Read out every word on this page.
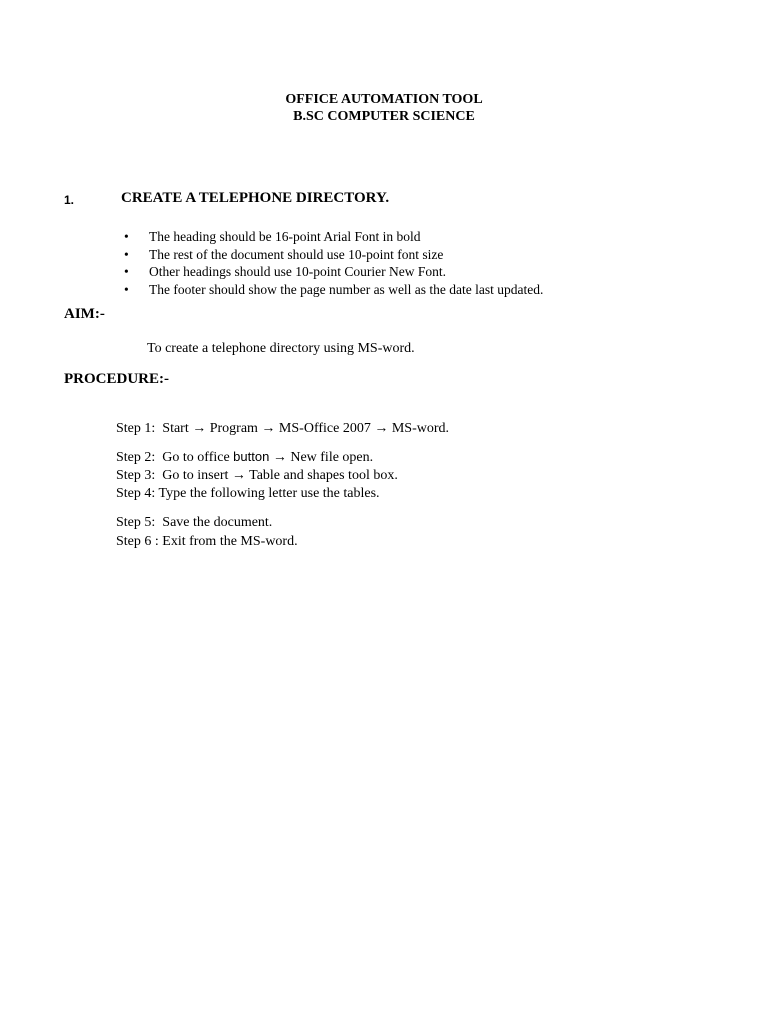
OFFICE AUTOMATION TOOL
B.SC COMPUTER SCIENCE
1.	CREATE A TELEPHONE DIRECTORY.
• The heading should be 16-point Arial Font in bold
• The rest of the document should use 10-point font size
• Other headings should use 10-point Courier New Font.
• The footer should show the page number as well as the date last updated.
AIM:-
To create a telephone directory using MS-word.
PROCEDURE:-
Step 1: Start → Program → MS-Office 2007 → MS-word.
Step 2: Go to office button → New file open.
Step 3: Go to insert → Table and shapes tool box.
Step 4: Type the following letter use the tables.
Step 5: Save the document.
Step 6 : Exit from the MS-word.
